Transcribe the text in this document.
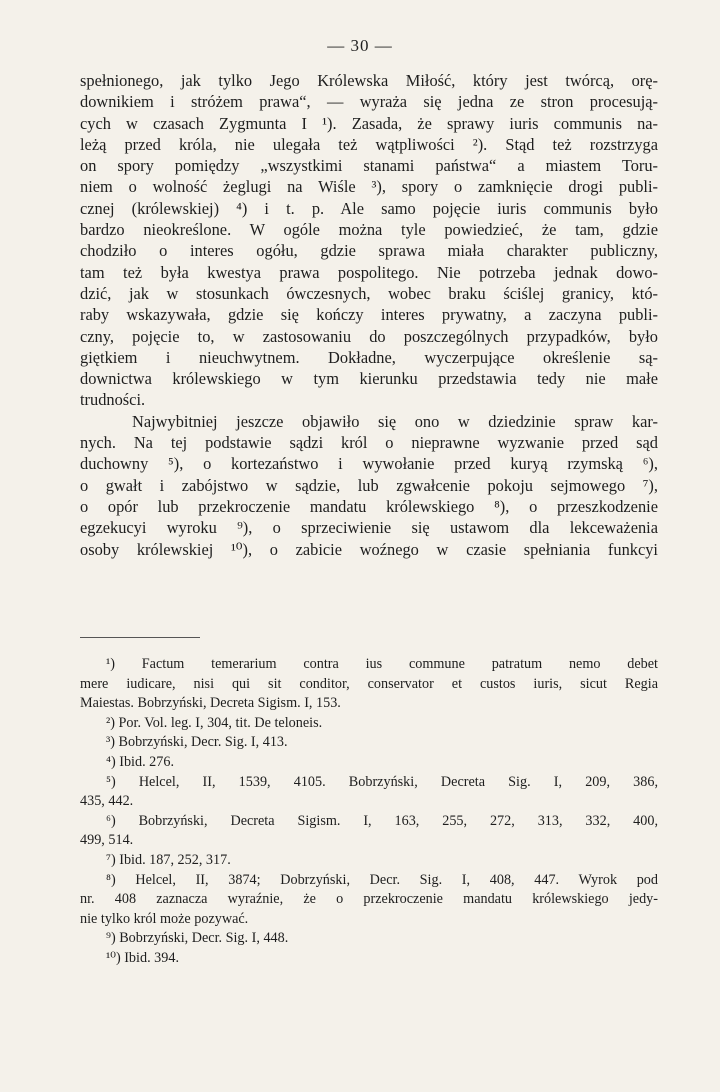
— 30 —
spełnionego, jak tylko Jego Królewska Miłość, który jest twórcą, orę-
downikiem i stróżem prawa“, — wyraża się jedna ze stron procesują-
cych w czasach Zygmunta I ¹). Zasada, że sprawy iuris communis na-
leżą przed króla, nie ulegała też wątpliwości ²). Stąd też rozstrzyga
on spory pomiędzy „wszystkimi stanami państwa“ a miastem Toru-
niem o wolność żeglugi na Wiśle ³), spory o zamknięcie drogi publi-
cznej (królewskiej) ⁴) i t. p. Ale samo pojęcie iuris communis było
bardzo nieokreślone. W ogóle można tyle powiedzieć, że tam, gdzie
chodziło o interes ogółu, gdzie sprawa miała charakter publiczny,
tam też była kwestya prawa pospolitego. Nie potrzeba jednak dowo-
dzić, jak w stosunkach ówczesnych, wobec braku ściślej granicy, któ-
raby wskazywała, gdzie się kończy interes prywatny, a zaczyna publi-
czny, pojęcie to, w zastosowaniu do poszczególnych przypadków, było
giętkiem i nieuchwytnem. Dokładne, wyczerpujące określenie są-
downictwa królewskiego w tym kierunku przedstawia tedy nie małe
trudności.
Najwybitniej jeszcze objawiło się ono w dziedzinie spraw kar-
nych. Na tej podstawie sądzi król o nieprawne wyzwanie przed sąd
duchowny ⁵), o kortezaństwo i wywołanie przed kuryą rzymską ⁶),
o gwałt i zabójstwo w sądzie, lub zgwałcenie pokoju sejmowego ⁷),
o opór lub przekroczenie mandatu królewskiego ⁸), o przeszkodzenie
egzekucyi wyroku ⁹), o sprzeciwienie się ustawom dla lekceważenia
osoby królewskiej ¹⁰), o zabicie woźnego w czasie spełniania funkcyi
¹) Factum temerarium contra ius commune patratum nemo debet
mere iudicare, nisi qui sit conditor, conservator et custos iuris, sicut Regia
Maiestas. Bobrzyński, Decreta Sigism. I, 153.
²) Por. Vol. leg. I, 304, tit. De teloneis.
³) Bobrzyński, Decr. Sig. I, 413.
⁴) Ibid. 276.
⁵) Helcel, II, 1539, 4105. Bobrzyński, Decreta Sig. I, 209, 386,
435, 442.
⁶) Bobrzyński, Decreta Sigism. I, 163, 255, 272, 313, 332, 400,
499, 514.
⁷) Ibid. 187, 252, 317.
⁸) Helcel, II, 3874; Dobrzyński, Decr. Sig. I, 408, 447. Wyrok pod
nr. 408 zaznacza wyraźnie, że o przekroczenie mandatu królewskiego jedy-
nie tylko król może pozywać.
⁹) Bobrzyński, Decr. Sig. I, 448.
¹⁰) Ibid. 394.
